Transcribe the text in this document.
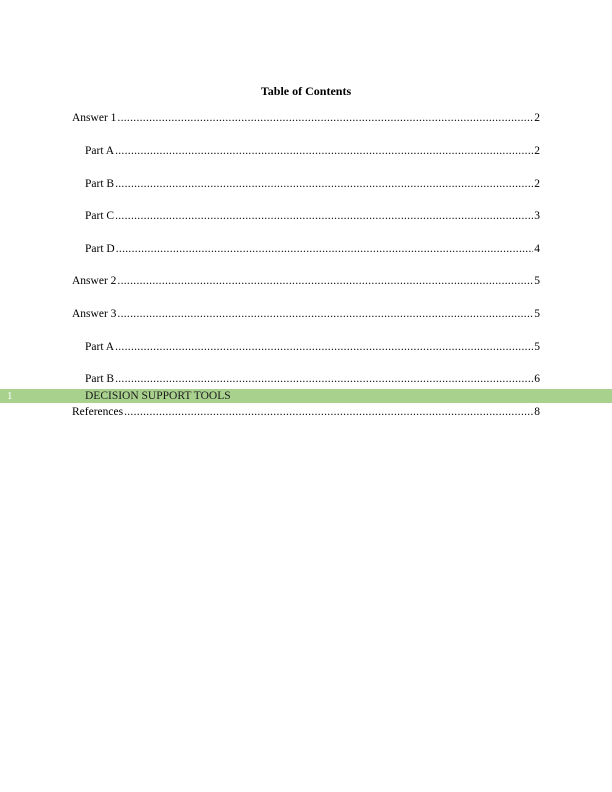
Table of Contents
Answer 1 .....	2
Part A .....	2
Part B .....	2
Part C .....	3
Part D .....	4
Answer 2 .....	5
Answer 3 .....	5
Part A .....	5
Part B .....	6
1	DECISION SUPPORT TOOLS
References .....	8
